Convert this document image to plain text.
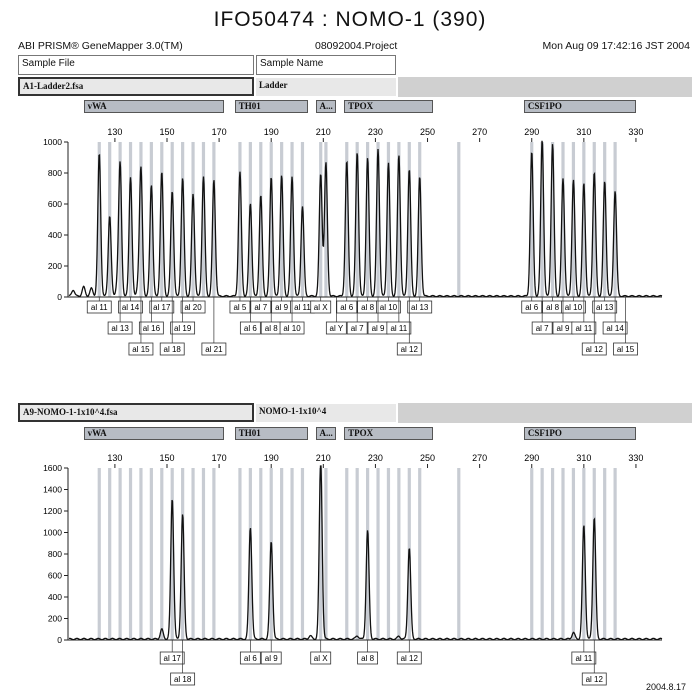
IFO50474 : NOMO-1 (390)
ABI PRISM® GeneMapper 3.0(TM)	08092004.Project	Mon Aug 09 17:42:16 JST 2004
Sample File	Sample Name
A1-Ladder2.fsa	Ladder
vWA	TH01	A...	TPOX	CSF1PO
130	150	170	190	210	230	250	270	290	310	330
0
200
400
600
800
1000
al 11 al 14 al 17 al 20
al 13 al 16 al 19
al 15 al 18	al 21
al 5 al 7 al 9 al 11
al 6 al 8 al 10
al X
al Y
al 6 al 8 al 10 al 13
al 7 al 9 al 11
al 12
al 6 al 8 al 10 al 13
al 7 al 9 al 11 al 14
al 12 al 15
A9-NOMO-1-1x10^4.fsa	NOMO-1-1x10^4
vWA	TH01	A...	TPOX	CSF1PO
130	150	170	190	210	230	250	270	290	310	330
0
200
400
600
800
1000
1200
1400
1600
al 17
al 18
al 6 al 9	al X	al 8	al 12	al 11
al 12
2004.8.17
